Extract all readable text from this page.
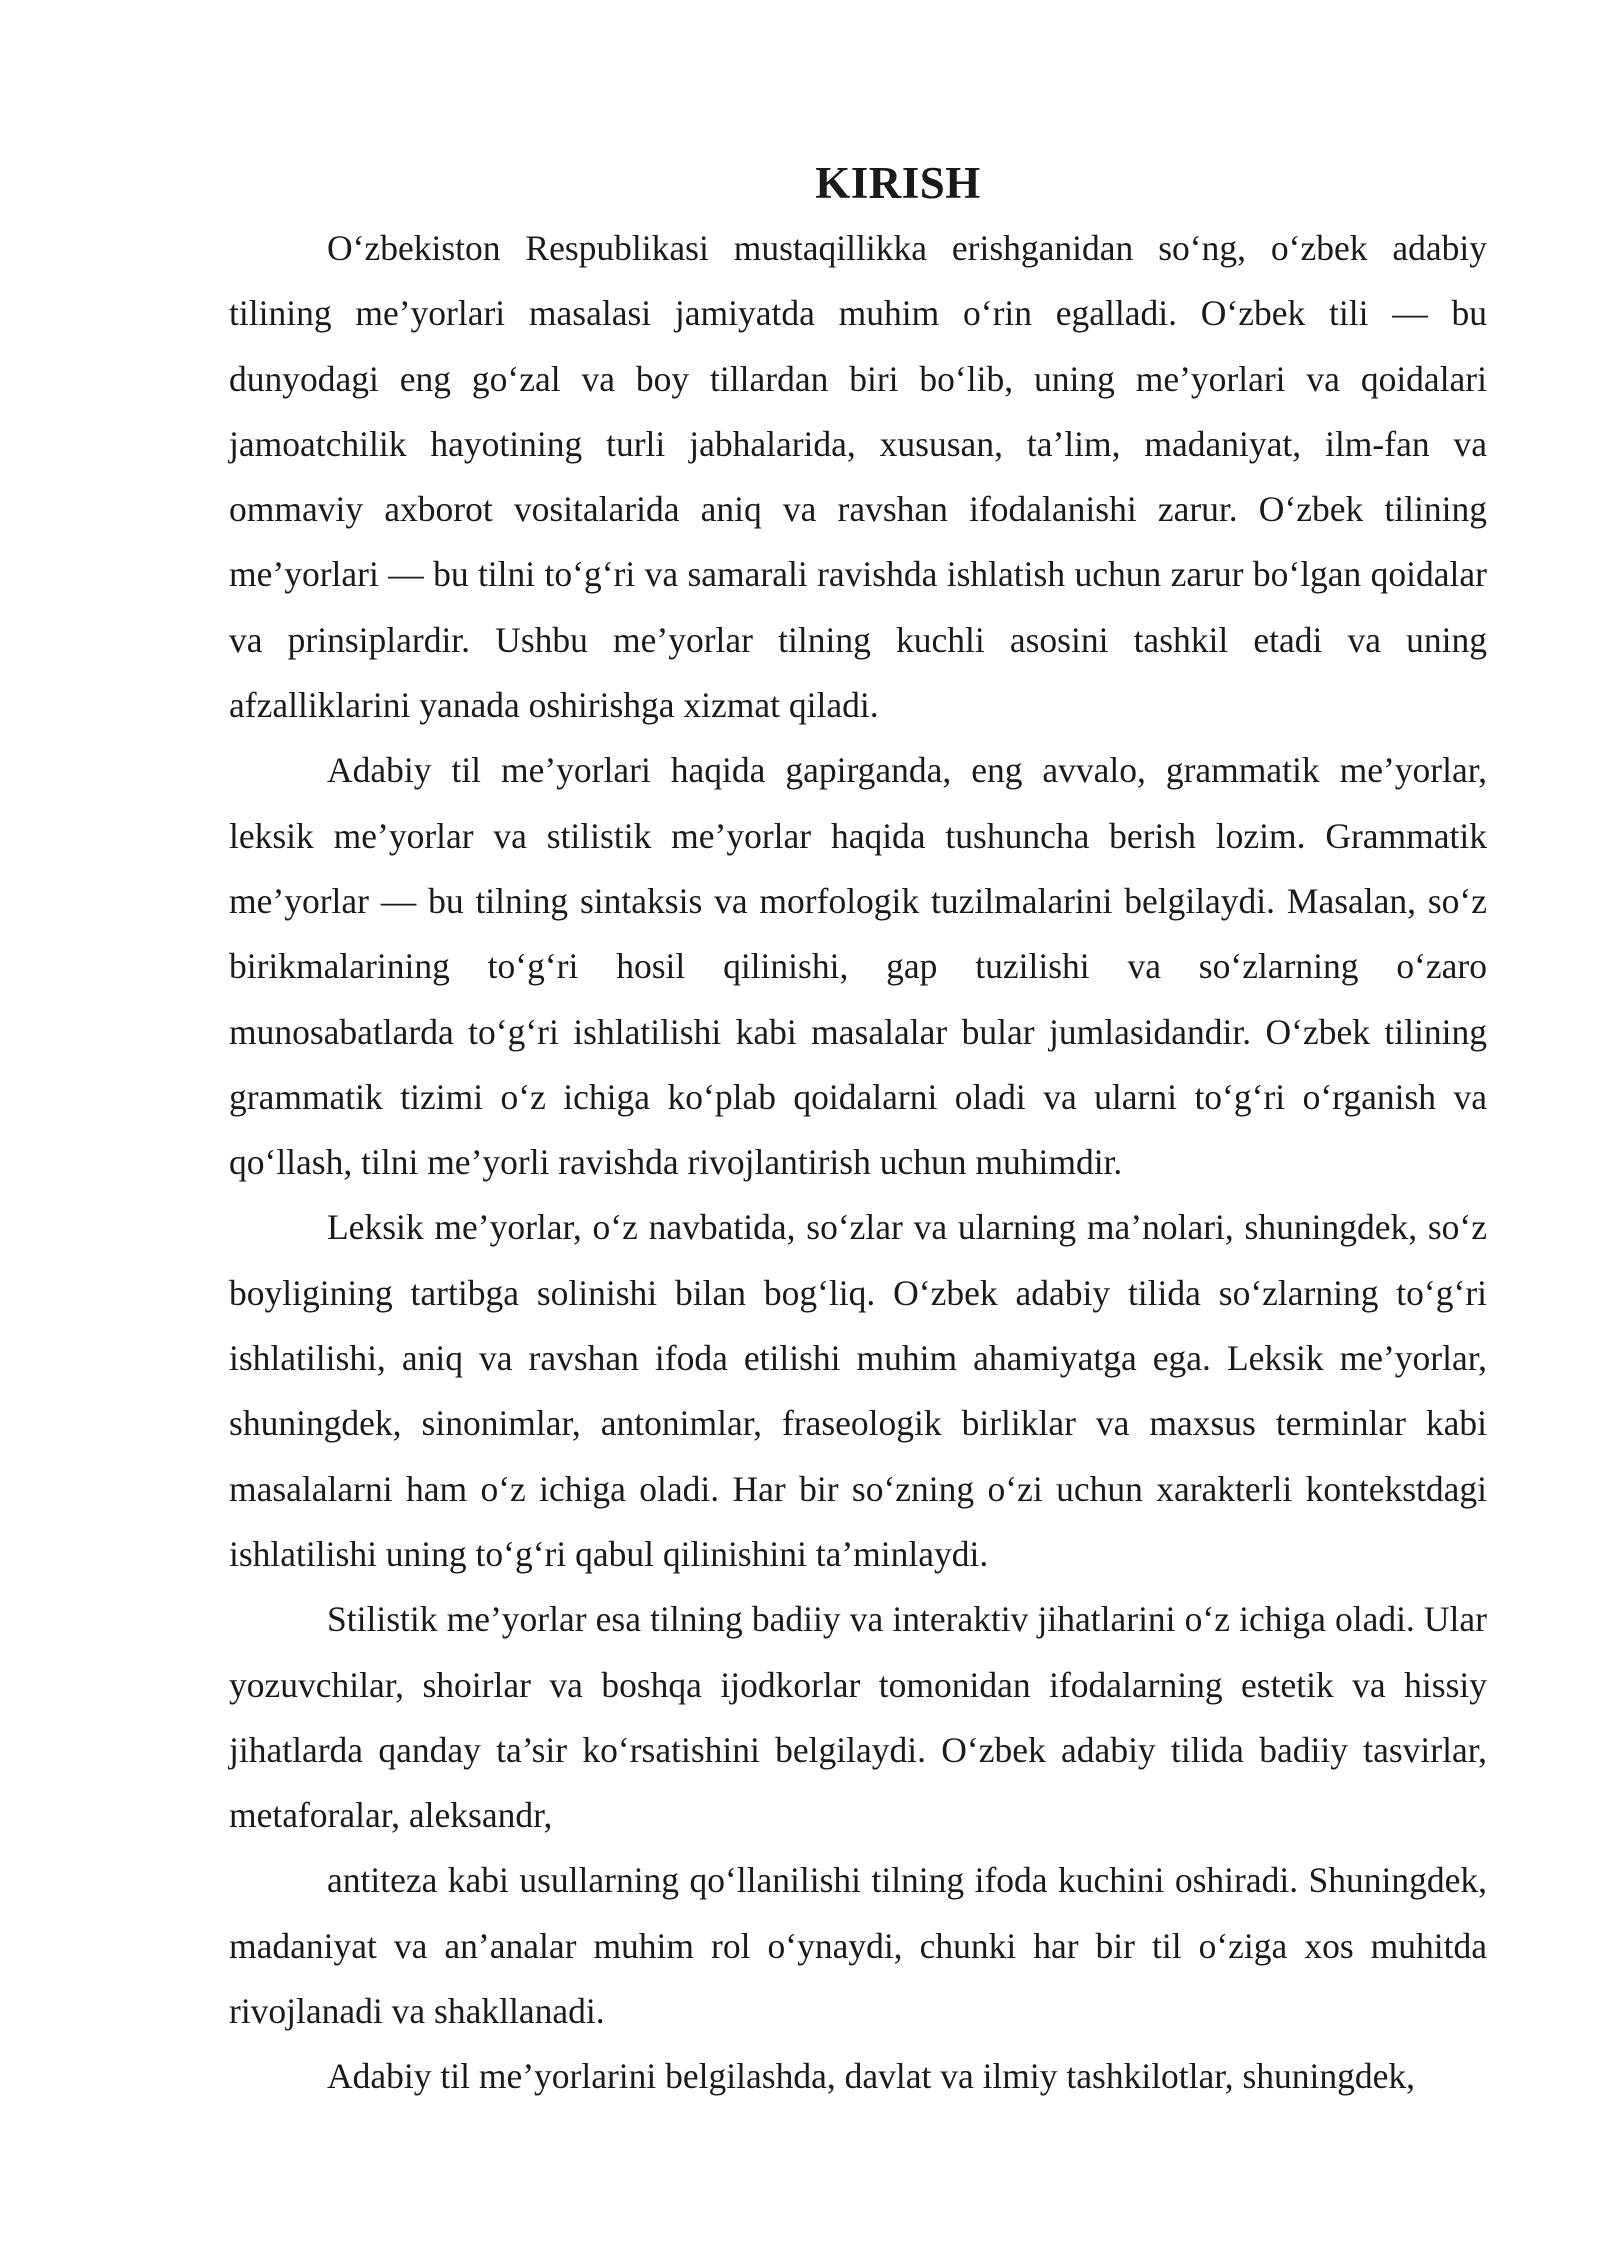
KIRISH

O‘zbekiston Respublikasi mustaqillikka erishganidan so‘ng, o‘zbek adabiy tilining me’yorlari masalasi jamiyatda muhim o‘rin egalladi. O‘zbek tili — bu dunyodagi eng go‘zal va boy tillardan biri bo‘lib, uning me’yorlari va qoidalari jamoatchilik hayotining turli jabhalarida, xususan, ta’lim, madaniyat, ilm-fan va ommaviy axborot vositalarida aniq va ravshan ifodalanishi zarur. O‘zbek tilining me’yorlari — bu tilni to‘g‘ri va samarali ravishda ishlatish uchun zarur bo‘lgan qoidalar va prinsiplardir. Ushbu me’yorlar tilning kuchli asosini tashkil etadi va uning afzalliklarini yanada oshirishga xizmat qiladi.

Adabiy til me’yorlari haqida gapirganda, eng avvalo, grammatik me’yorlar, leksik me’yorlar va stilistik me’yorlar haqida tushuncha berish lozim. Grammatik me’yorlar — bu tilning sintaksis va morfologik tuzilmalarini belgilaydi. Masalan, so‘z birikmalarining to‘g‘ri hosil qilinishi, gap tuzilishi va so‘zlarning o‘zaro munosabatlarda to‘g‘ri ishlatilishi kabi masalalar bular jumlasidandir. O‘zbek tilining grammatik tizimi o‘z ichiga ko‘plab qoidalarni oladi va ularni to‘g‘ri o‘rganish va qo‘llash, tilni me’yorli ravishda rivojlantirish uchun muhimdir.

Leksik me’yorlar, o‘z navbatida, so‘zlar va ularning ma’nolari, shuningdek, so‘z boyligining tartibga solinishi bilan bog‘liq. O‘zbek adabiy tilida so‘zlarning to‘g‘ri ishlatilishi, aniq va ravshan ifoda etilishi muhim ahamiyatga ega. Leksik me’yorlar, shuningdek, sinonimlar, antonimlar, fraseologik birliklar va maxsus terminlar kabi masalalarni ham o‘z ichiga oladi. Har bir so‘zning o‘zi uchun xarakterli kontekstdagi ishlatilishi uning to‘g‘ri qabul qilinishini ta’minlaydi.

Stilistik me’yorlar esa tilning badiiy va interaktiv jihatlarini o‘z ichiga oladi. Ular yozuvchilar, shoirlar va boshqa ijodkorlar tomonidan ifodalarning estetik va hissiy jihatlarda qanday ta’sir ko‘rsatishini belgilaydi. O‘zbek adabiy tilida badiiy tasvirlar, metaforalar, aleksandr,

antiteza kabi usullarning qo‘llanilishi tilning ifoda kuchini oshiradi. Shuningdek, madaniyat va an’analar muhim rol o‘ynaydi, chunki har bir til o‘ziga xos muhitda rivojlanadi va shakllanadi.

Adabiy til me’yorlarini belgilashda, davlat va ilmiy tashkilotlar, shuningdek,
